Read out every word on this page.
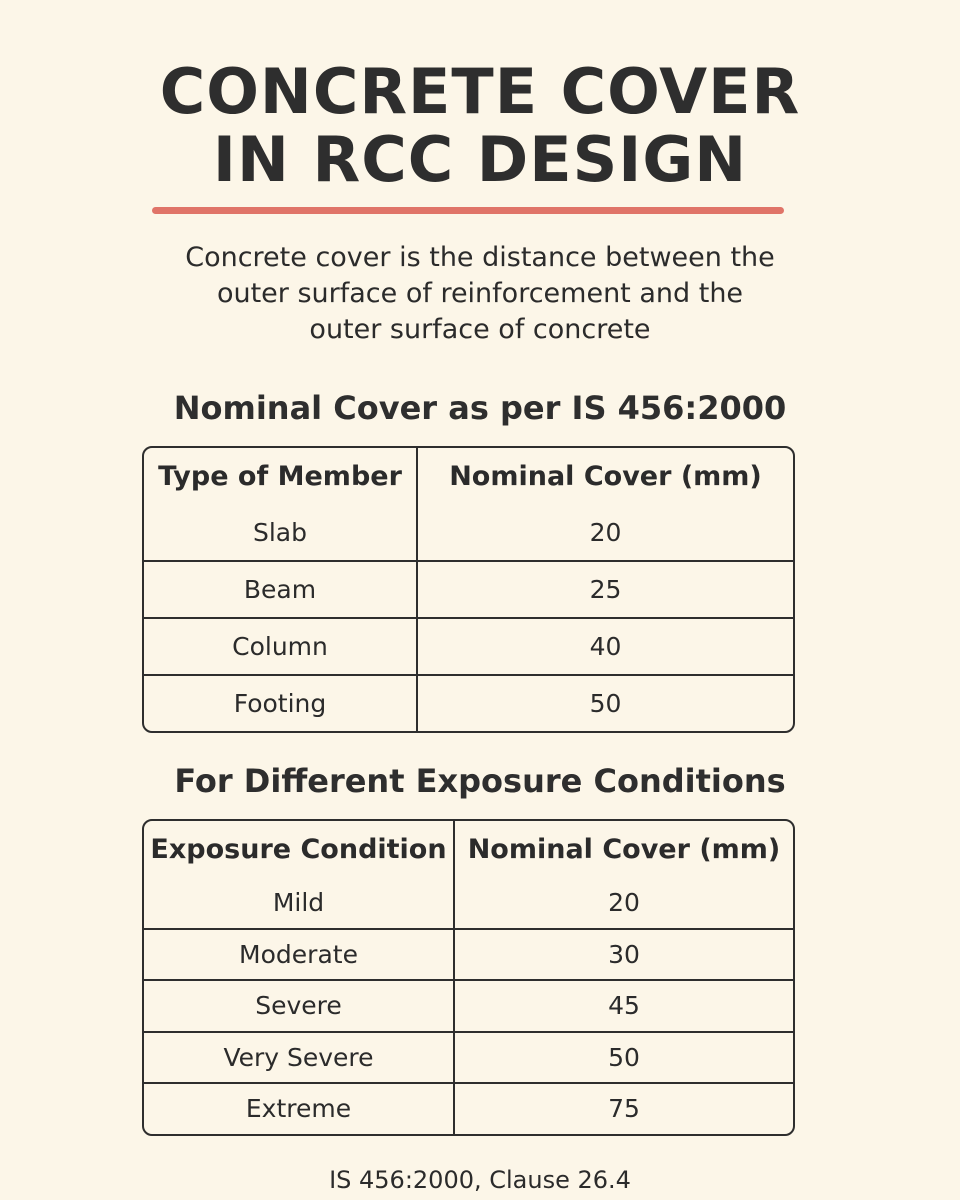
CONCRETE COVER
IN RCC DESIGN

Concrete cover is the distance between the
outer surface of reinforcement and the
outer surface of concrete

Nominal Cover as per IS 456:2000
Type of Member	Nominal Cover (mm)
Slab	20
Beam	25
Column	40
Footing	50
For Different Exposure Conditions
Exposure Condition	Nominal Cover (mm)
Mild	20
Moderate	30
Severe	45
Very Severe	50
Extreme	75

IS 456:2000, Clause 26.4
